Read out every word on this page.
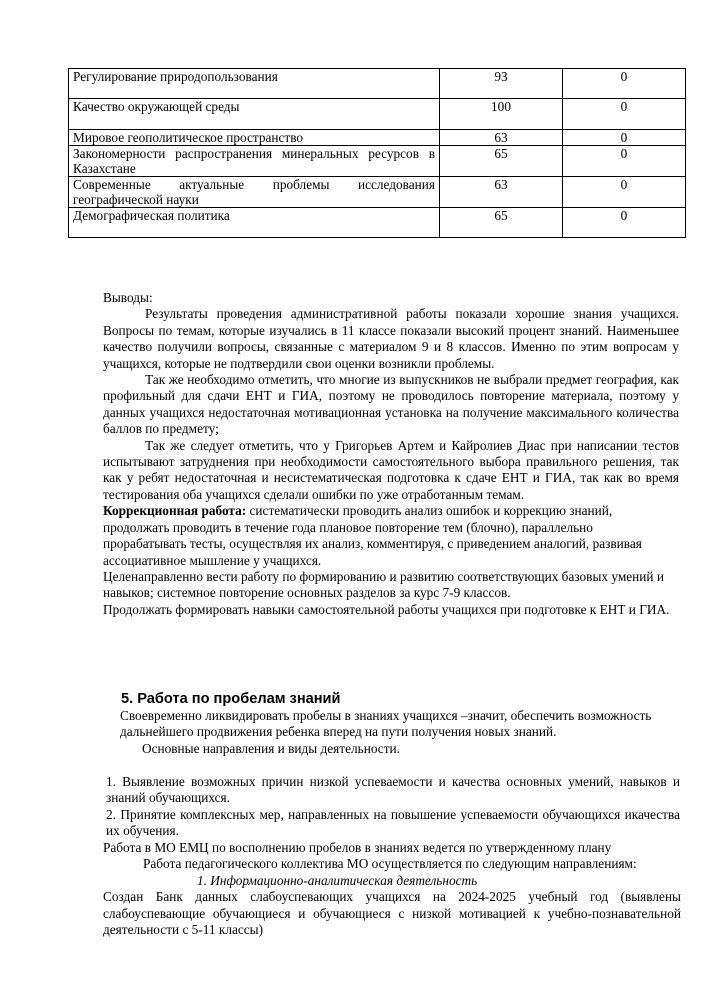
Регулирование природопользования	93	0
Качество окружающей среды	100	0
Мировое геополитическое пространство	63	0
Закономерности распространения минеральных ресурсов в Казахстане	65	0
Современные актуальные проблемы исследования географической науки	63	0
Демографическая политика	65	0

Выводы:

Результаты проведения административной работы показали хорошие знания учащихся. Вопросы по темам, которые изучались в 11 классе показали высокий процент знаний. Наименьшее качество получили вопросы, связанные с материалом 9 и 8 классов. Именно по этим вопросам у учащихся, которые не подтвердили свои оценки возникли проблемы.

Так же необходимо отметить, что многие из выпускников не выбрали предмет география, как профильный для сдачи ЕНТ и ГИА, поэтому не проводилось повторение материала, поэтому у данных учащихся недостаточная мотивационная установка на получение максимального количества баллов по предмету;

Так же следует отметить, что у Григорьев Артем и Кайролиев Диас при написании тестов испытывают затруднения при необходимости самостоятельного выбора правильного решения, так как у ребят недостаточная и несистематическая подготовка к сдаче ЕНТ и ГИА, так как во время тестирования оба учащихся сделали ошибки по уже отработанным темам.

Коррекционная работа: систематически проводить анализ ошибок и коррекцию знаний, продолжать проводить в течение года плановое повторение тем (блочно), параллельно прорабатывать тесты, осуществляя их анализ, комментируя, с приведением аналогий, развивая ассоциативное мышление у учащихся.

Целенаправленно вести работу по формированию и развитию соответствующих базовых умений и навыков; системное повторение основных разделов за курс 7-9 классов.

Продолжать формировать навыки самостоятельной работы учащихся при подготовке к ЕНТ и ГИА.

5. Работа по пробелам знаний

Своевременно ликвидировать пробелы в знаниях учащихся –значит, обеспечить возможность дальнейшего продвижения ребенка вперед на пути получения новых знаний.

Основные направления и виды деятельности.

1. Выявление возможных причин низкой успеваемости и качества основных умений, навыков и знаний обучающихся.

2. Принятие комплексных мер, направленных на повышение успеваемости обучающихся икачества их обучения.

Работа в МО ЕМЦ по восполнению пробелов в знаниях ведется по утвержденному плану

Работа педагогического коллектива МО осуществляется по следующим направлениям:

1. Информационно-аналитическая деятельность

Создан Банк данных слабоуспевающих учащихся на 2024-2025 учебный год (выявлены слабоуспевающие обучающиеся и обучающиеся с низкой мотивацией к учебно-познавательной деятельности с 5-11 классы)
